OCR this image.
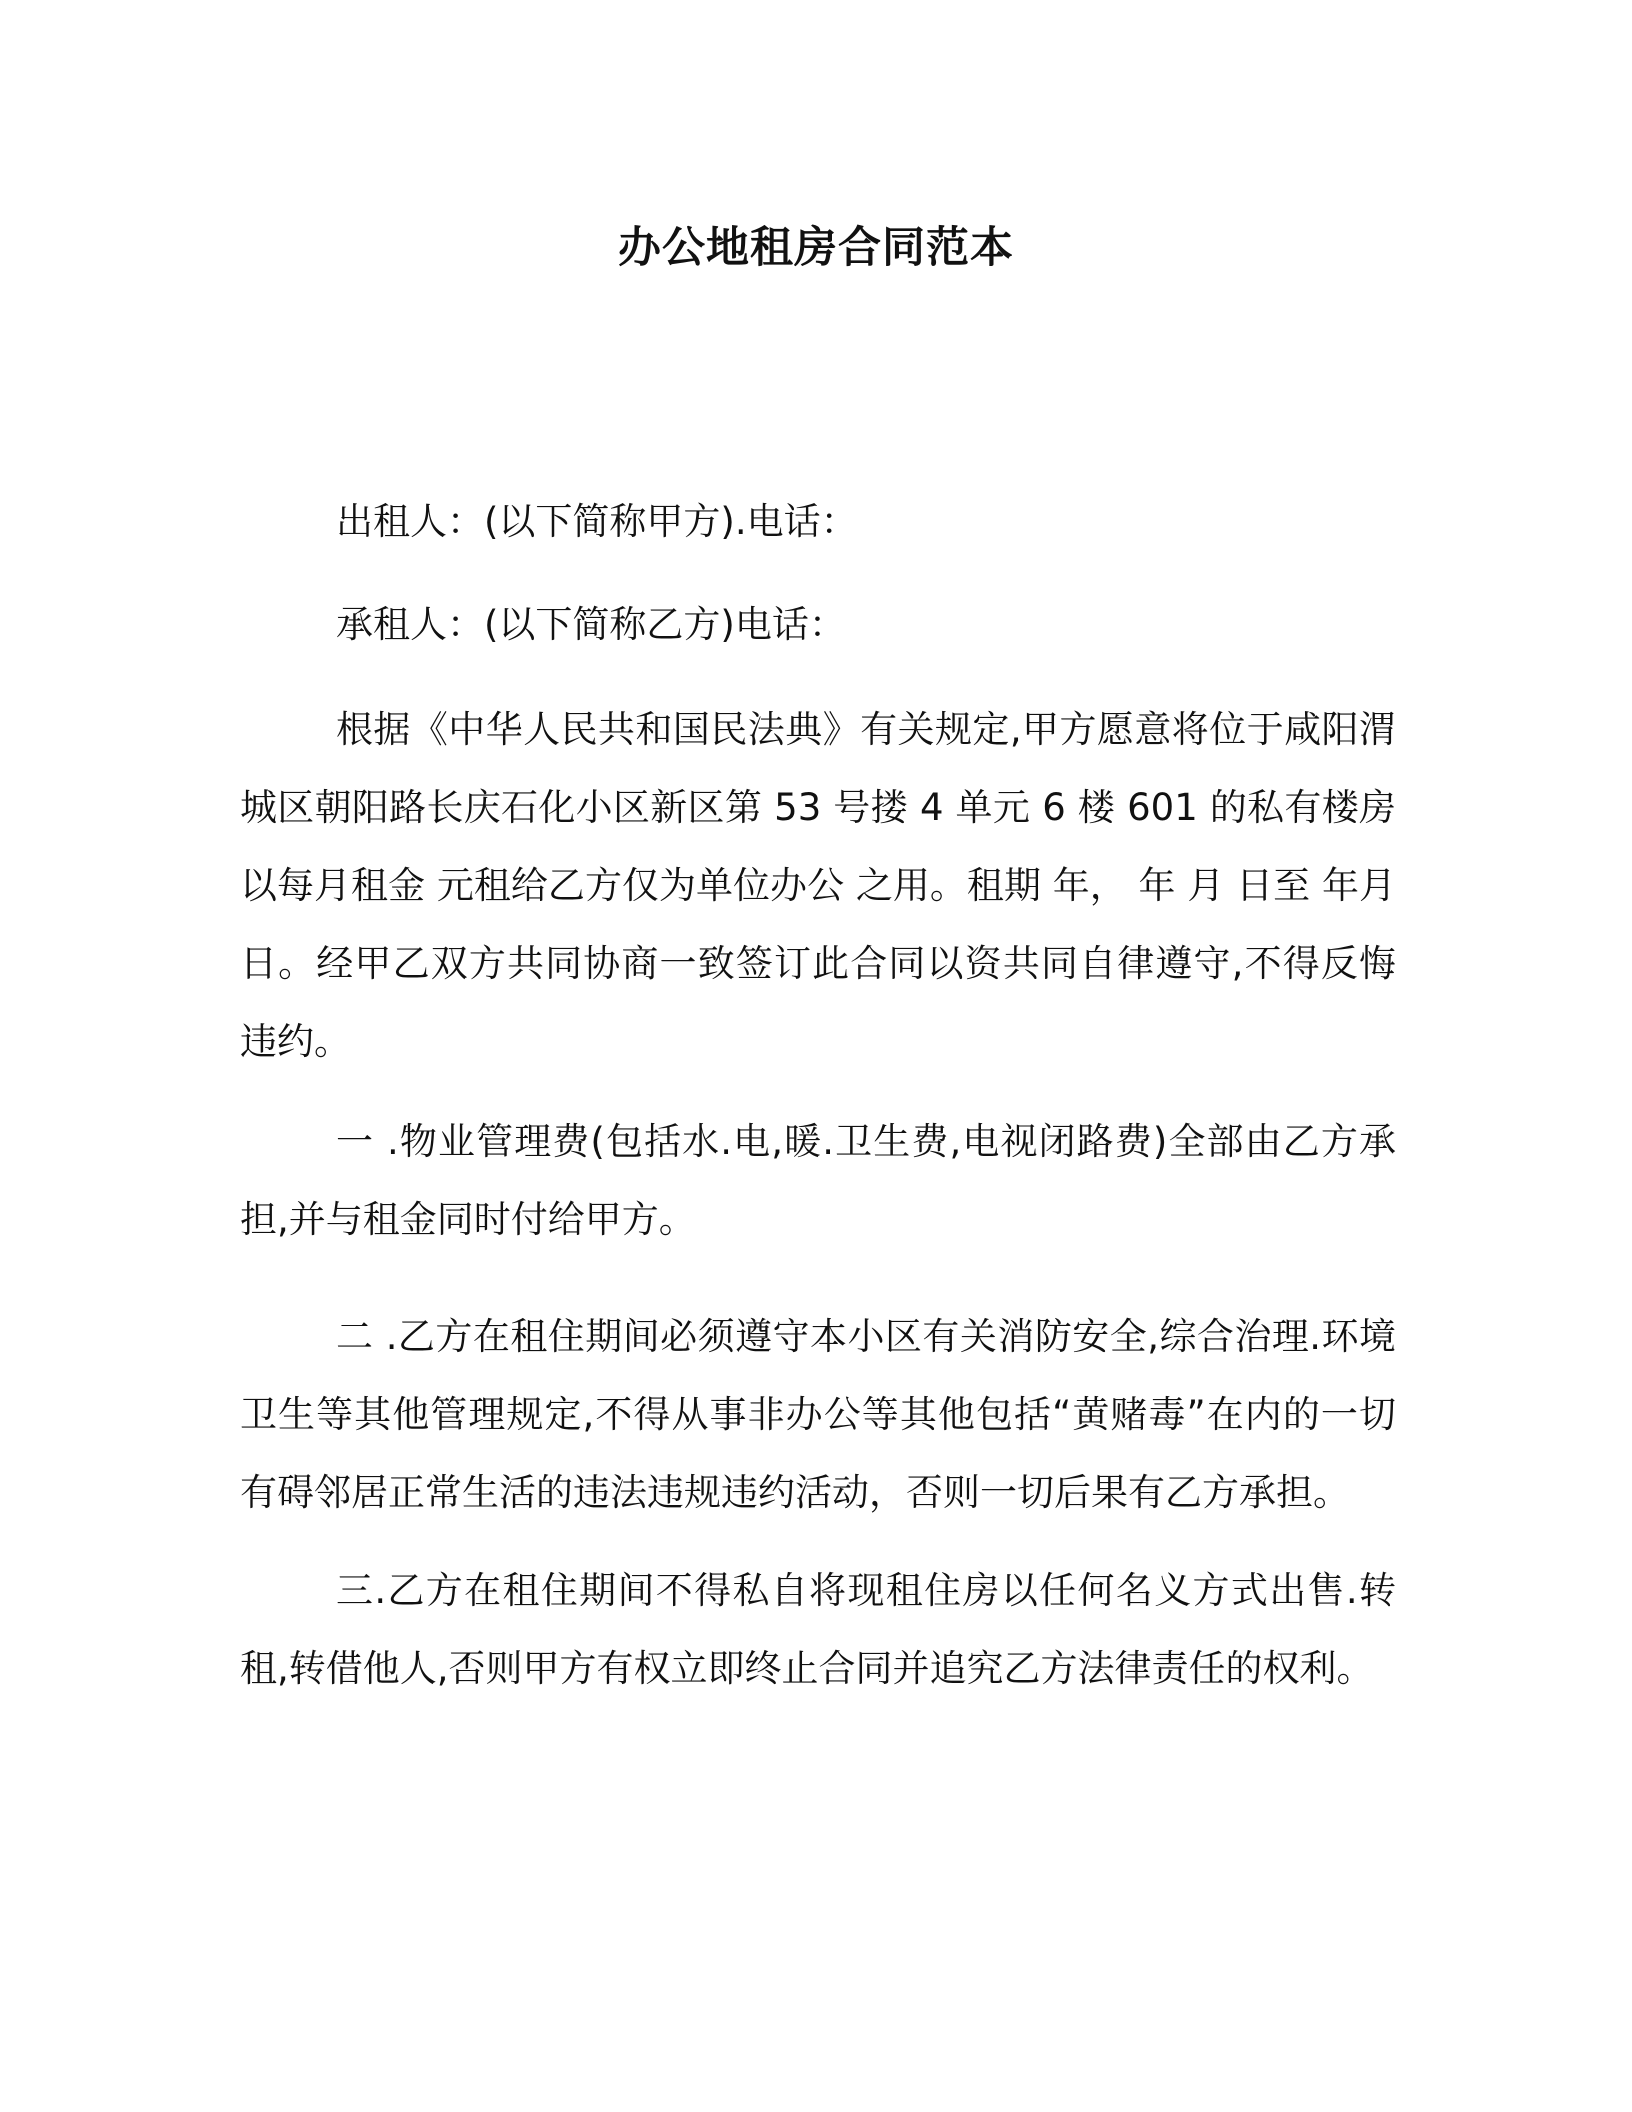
办公地租房合同范本

出租人：(以下简称甲方).电话：

承租人：(以下简称乙方)电话：

根据《中华人民共和国民法典》有关规定,甲方愿意将位于咸阳渭城区朝阳路长庆石化小区新区第 53 号搂 4 单元 6 楼 601 的私有楼房以每月租金 元租给乙方仅为单位办公 之用。租期 年， 年 月 日至 年月 日。经甲乙双方共同协商一致签订此合同以资共同自律遵守,不得反悔违约。

一 .物业管理费(包括水.电,暖.卫生费,电视闭路费)全部由乙方承担,并与租金同时付给甲方。

二 .乙方在租住期间必须遵守本小区有关消防安全,综合治理.环境卫生等其他管理规定,不得从事非办公等其他包括“黄赌毒”在内的一切有碍邻居正常生活的违法违规违约活动，否则一切后果有乙方承担。

三.乙方在租住期间不得私自将现租住房以任何名义方式出售.转租,转借他人,否则甲方有权立即终止合同并追究乙方法律责任的权利。
